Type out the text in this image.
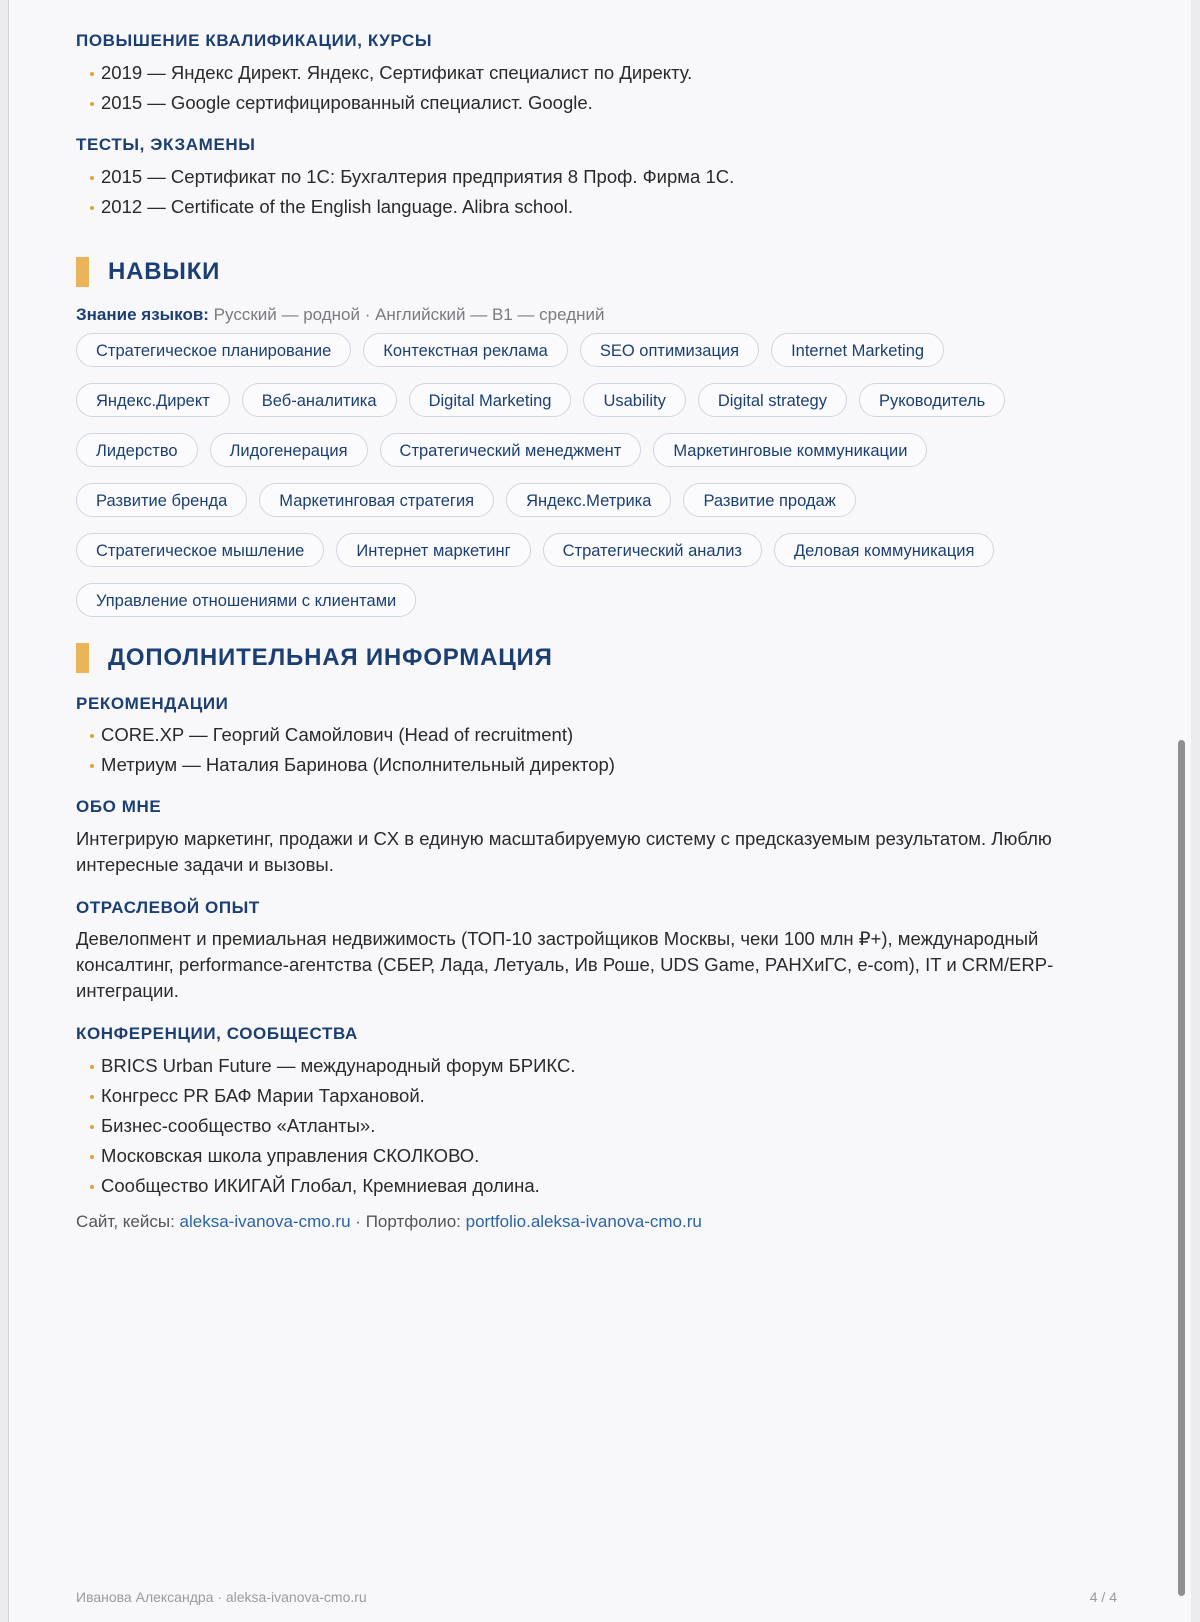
ПОВЫШЕНИЕ КВАЛИФИКАЦИИ, КУРСЫ
2019 — Яндекс Директ. Яндекс, Сертификат специалист по Директу.
2015 — Google сертифицированный специалист. Google.
ТЕСТЫ, ЭКЗАМЕНЫ
2015 — Сертификат по 1С: Бухгалтерия предприятия 8 Проф. Фирма 1С.
2012 — Certificate of the English language. Alibra school.
НАВЫКИ
Знание языков: Русский — родной · Английский — B1 — средний
Стратегическое планирование	Контекстная реклама	SEO оптимизация	Internet Marketing
Яндекс.Директ	Веб-аналитика	Digital Marketing	Usability	Digital strategy	Руководитель
Лидерство	Лидогенерация	Стратегический менеджмент	Маркетинговые коммуникации
Развитие бренда	Маркетинговая стратегия	Яндекс.Метрика	Развитие продаж
Стратегическое мышление	Интернет маркетинг	Стратегический анализ	Деловая коммуникация
Управление отношениями с клиентами
ДОПОЛНИТЕЛЬНАЯ ИНФОРМАЦИЯ
РЕКОМЕНДАЦИИ
CORE.XP — Георгий Самойлович (Head of recruitment)
Метриум — Наталия Баринова (Исполнительный директор)
ОБО МНЕ

Интегрирую маркетинг, продажи и CX в единую масштабируемую систему с предсказуемым результатом. Люблю интересные задачи и вызовы.

ОТРАСЛЕВОЙ ОПЫТ

Девелопмент и премиальная недвижимость (ТОП-10 застройщиков Москвы, чеки 100 млн ₽+), международный консалтинг, performance-агентства (СБЕР, Лада, Летуаль, Ив Роше, UDS Game, РАНХиГС, e-com), IT и CRM/ERP-интеграции.

КОНФЕРЕНЦИИ, СООБЩЕСТВА
BRICS Urban Future — международный форум БРИКС.
Конгресс PR БАФ Марии Тархановой.
Бизнес-сообщество «Атланты».
Московская школа управления СКОЛКОВО.
Сообщество ИКИГАЙ Глобал, Кремниевая долина.
Сайт, кейсы: aleksa-ivanova-cmo.ru · Портфолио: portfolio.aleksa-ivanova-cmo.ru
Иванова Александра · aleksa-ivanova-cmo.ru	4 / 4
